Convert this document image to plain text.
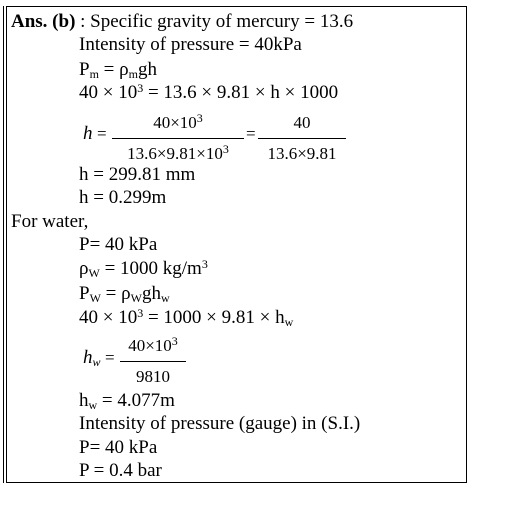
Ans. (b) : Specific gravity of mercury = 13.6
Intensity of pressure = 40kPa
$P_m = \rho_mgh$
$40 \times 10^3 = 13.6 \times 9.81 \times h \times 1000$
h =
$40\times 10^3$
$13.6\times 9.81\times 10^3$
=
40
13.6×9.81
h = 299.81 mm
h = 0.299m
For water,
P= 40 kPa
$\rho_W = 1000$ $kg/m^3$
$P_W = \rho_Wgh_w$
$40 \times 10^3 = 1000 \times 9.81 \times h_w$
$h_w$ =
$40\times 10^3$
9810
$h_w = 4.077m$
Intensity of pressure (gauge) in (S.I.)
P= 40 kPa
P = 0.4 bar
